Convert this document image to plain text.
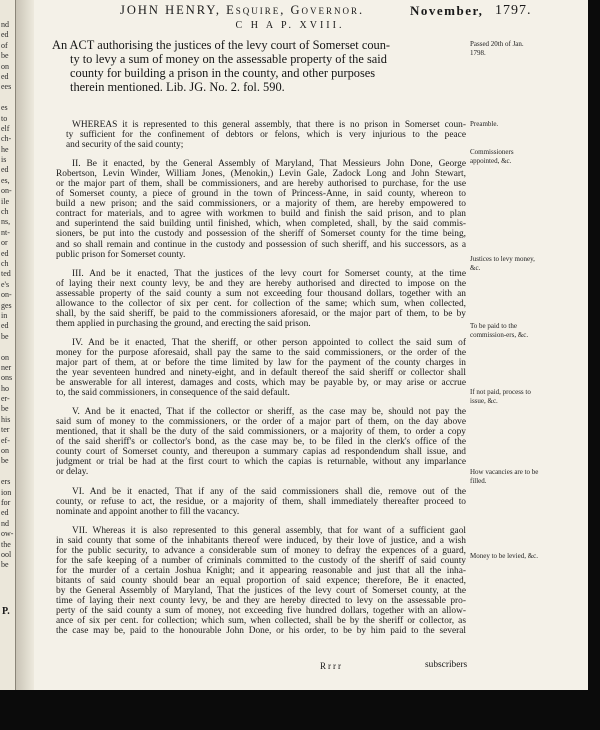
nd
ed
of
be
on
ed
ees
es
to
elf
ch-
he
is
ed
es,
on-
ile
ch
ns,
nt-
or
ed
ch
ted
e's
on-
ges
in
ed
be
on
ner
ons
ho
er-
be
his
ter
ef-
on
be
ers
ion
for
ed
nd
ow-
the
ool
be
P.
JOHN HENRY, Esquire, Governor.	November, 1797.
C H A P. XVIII.
An ACT authorising the justices of the levy court of Somerset coun-
ty to levy a sum of money on the assessable property of the said
county for building a prison in the county, and other purposes
therein mentioned. Lib. JG. No. 2. fol. 590.
Passed 20th of Jan. 1798.
Preamble.
Commissioners appointed, &c.
Justices to levy money, &c.
To be paid to the commission-ers, &c.
If not paid, process to issue, &c.
How vacancies are to be filled.
Money to be levied, &c.
WHEREAS it is represented to this general assembly, that there is no prison in Somerset coun-
ty sufficient for the confinement of debtors or felons, which is very injurious to the peace
and security of the said county;
II. Be it enacted, by the General Assembly of Maryland, That Messieurs John Done, George
Robertson, Levin Winder, William Jones, (Menokin,) Levin Gale, Zadock Long and John Stewart,
or the major part of them, shall be commissioners, and are hereby authorised to purchase, for the use
of Somerset county, a piece of ground in the town of Princess-Anne, in said county, whereon to
build a new prison; and the said commissioners, or a majority of them, are hereby empowered to
contract for materials, and to agree with workmen to build and finish the said prison, and to plan
and superintend the said building until finished, which, when completed, shall, by the said commis-
sioners, be put into the custody and possession of the sheriff of Somerset county for the time being,
and so shall remain and continue in the custody and possession of such sheriff, and his successors, as a
public prison for Somerset county.
III. And be it enacted, That the justices of the levy court for Somerset county, at the time
of laying their next county levy, be and they are hereby authorised and directed to impose on the
assessable property of the said county a sum not exceeding four thousand dollars, together with an
allowance to the collector of six per cent. for collection of the same; which sum, when collected,
shall, by the said sheriff, be paid to the commissioners aforesaid, or the major part of them, to be by
them applied in purchasing the ground, and erecting the said prison.
IV. And be it enacted, That the sheriff, or other person appointed to collect the said sum of
money for the purpose aforesaid, shall pay the same to the said commissioners, or the order of the
major part of them, at or before the time limited by law for the payment of the county charges in
the year seventeen hundred and ninety-eight, and in default thereof the said sheriff or collector shall
be answerable for all interest, damages and costs, which may be payable by, or may arise or accrue
to, the said commissioners, in consequence of the said default.
V. And be it enacted, That if the collector or sheriff, as the case may be, should not pay the
said sum of money to the commissioners, or the order of a major part of them, on the day above
mentioned, that it shall be the duty of the said commissioners, or a majority of them, to order a copy
of the said sheriff's or collector's bond, as the case may be, to be filed in the clerk's office of the
county court of Somerset county, and thereupon a summary capias ad respondendum shall issue, and
judgment or trial be had at the first court to which the capias is returnable, without any imparlance
or delay.
VI. And be it enacted, That if any of the said commissioners shall die, remove out of the
county, or refuse to act, the residue, or a majority of them, shall immediately thereafter proceed to
nominate and appoint another to fill the vacancy.
VII. Whereas it is also represented to this general assembly, that for want of a sufficient gaol
in said county that some of the inhabitants thereof were induced, by their love of justice, and a wish
for the public security, to advance a considerable sum of money to defray the expences of a guard,
for the safe keeping of a number of criminals committed to the custody of the sheriff of said county
for the murder of a certain Joshua Knight; and it appearing reasonable and just that all the inha-
bitants of said county should bear an equal proportion of said expence; therefore, Be it enacted,
by the General Assembly of Maryland, That the justices of the levy court of Somerset county, at the
time of laying their next county levy, be and they are hereby directed to levy on the assessable pro-
perty of the said county a sum of money, not exceeding five hundred dollars, together with an allow-
ance of six per cent. for collection; which sum, when collected, shall be by the sheriff or collector, as
the case may be, paid to the honourable John Done, or his order, to be by him paid to the several
Rrrr	subscribers
